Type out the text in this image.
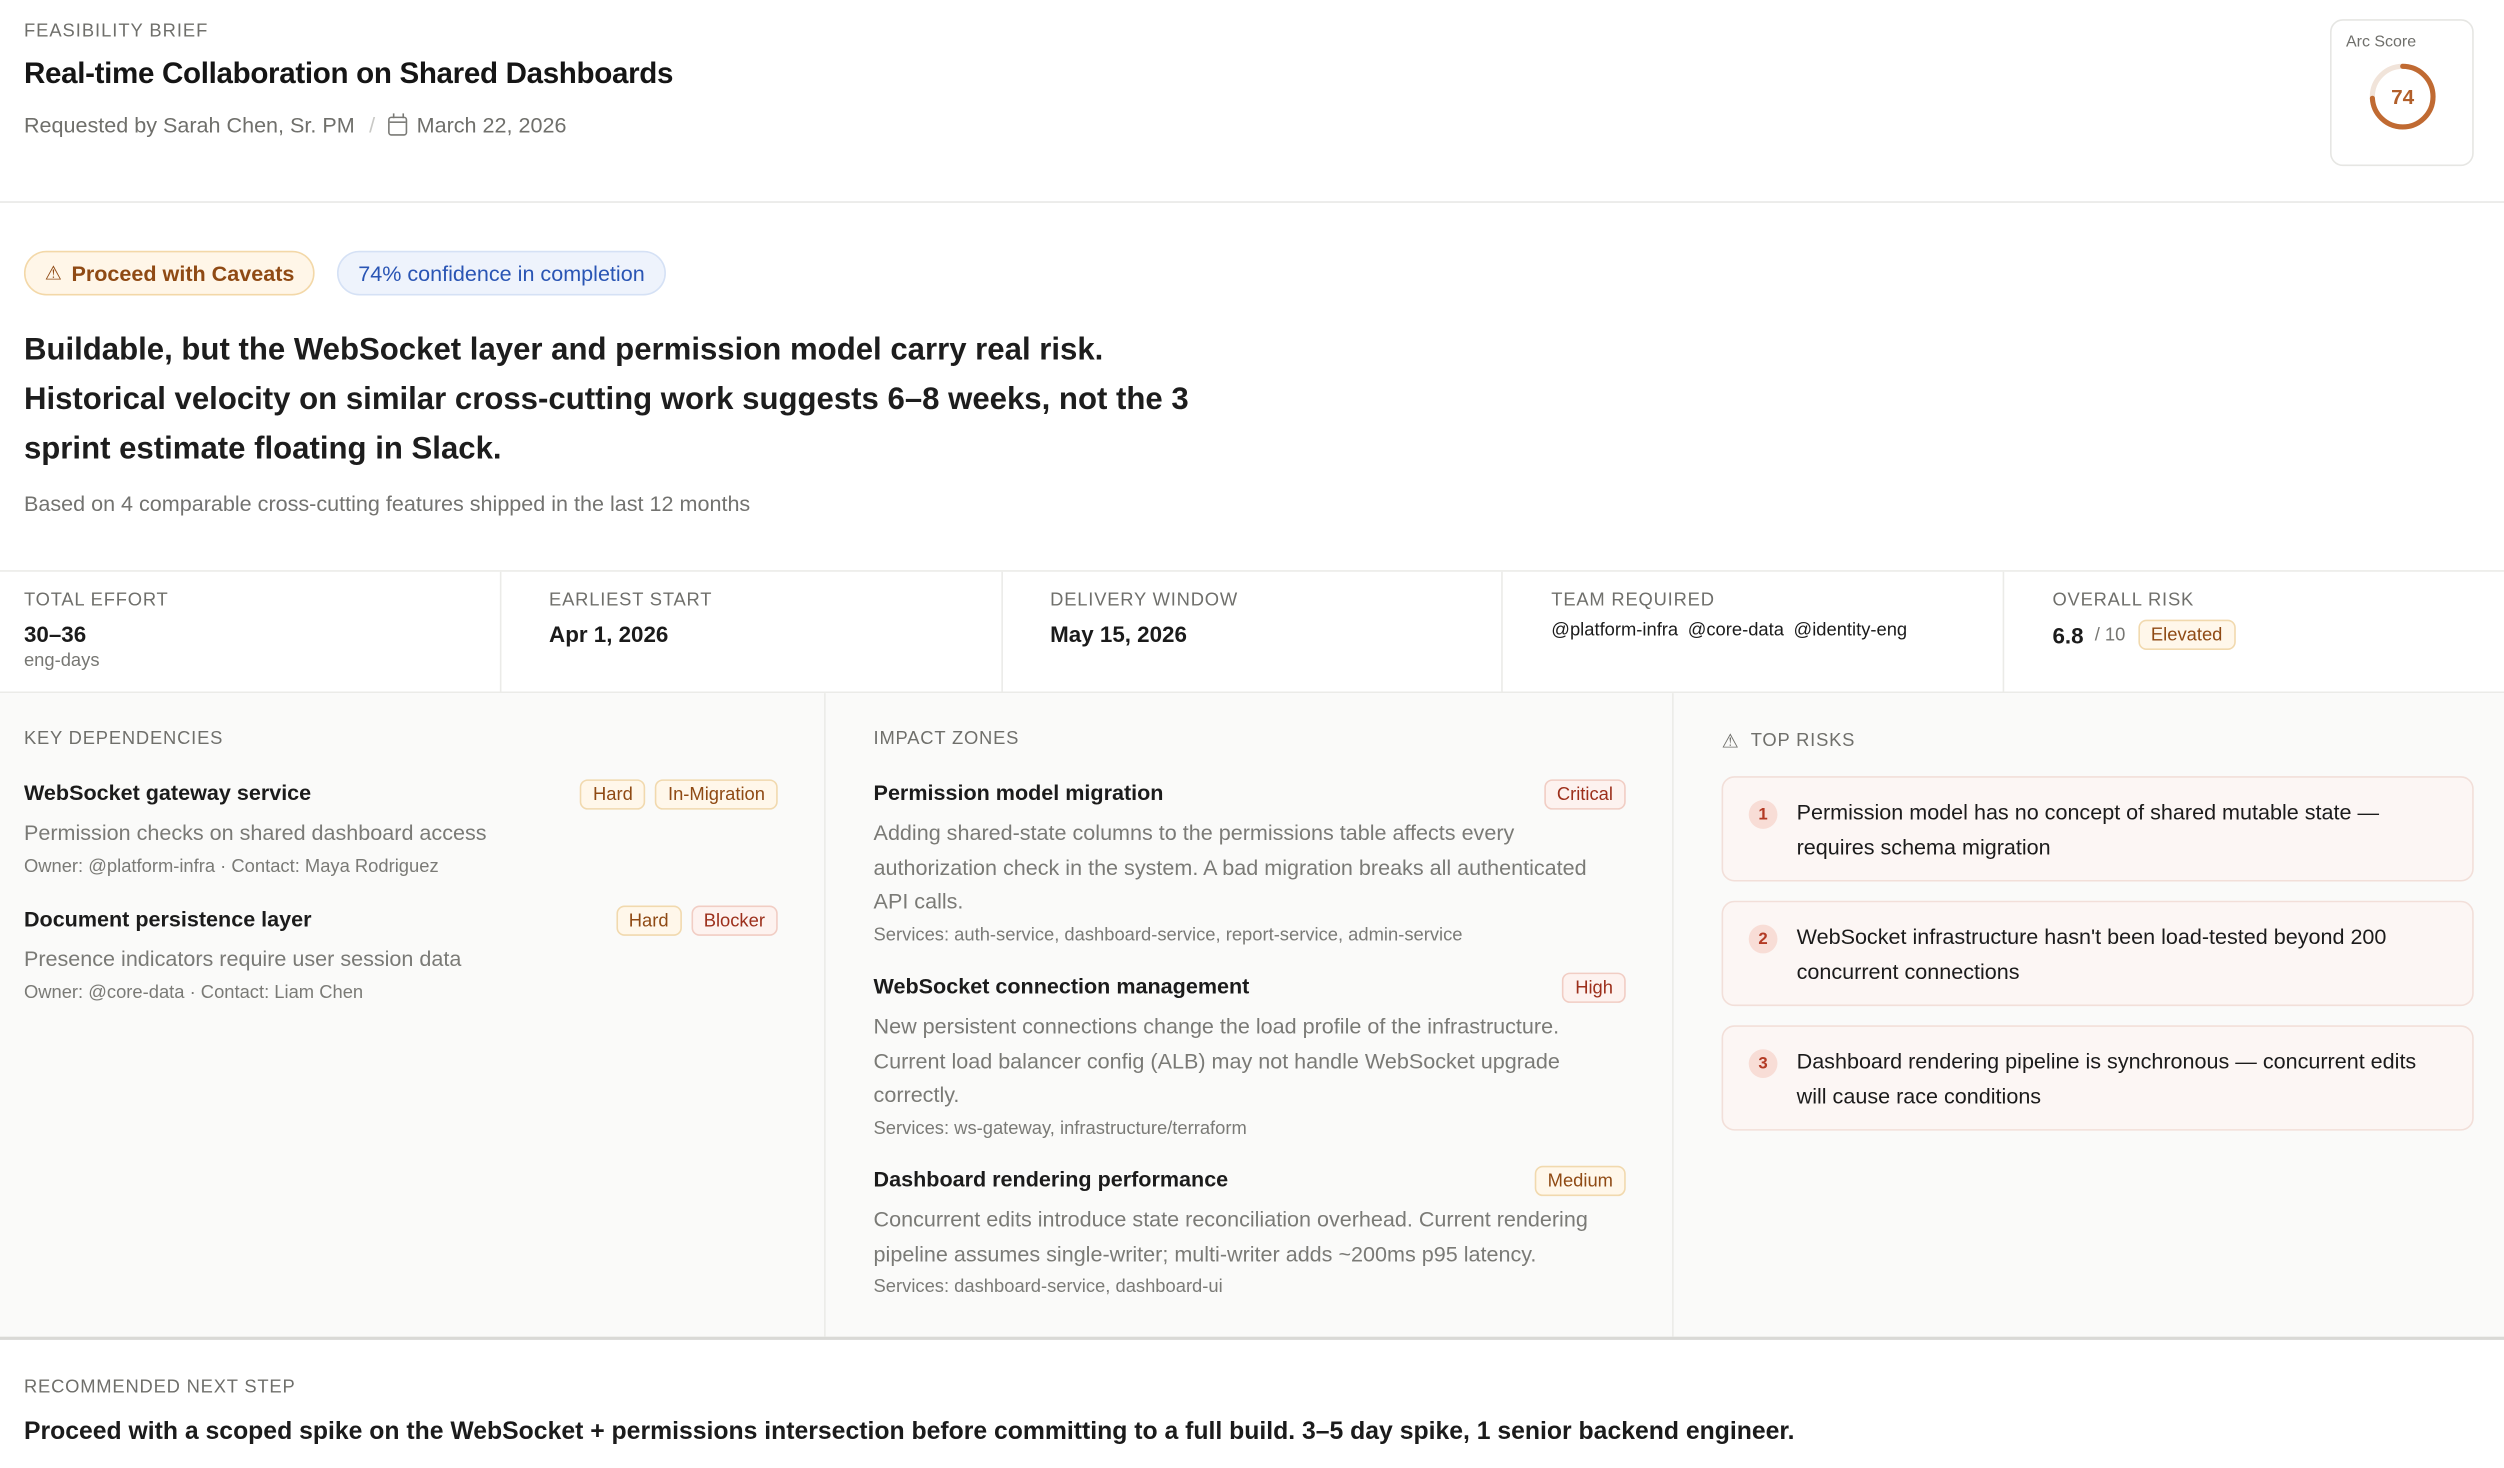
FEASIBILITY BRIEF
Real-time Collaboration on Shared Dashboards
Requested by Sarah Chen, Sr. PM /	March 22, 2026
Arc Score
74
⚠ Proceed with Caveats	74% confidence in completion
Buildable, but the WebSocket layer and permission model carry real risk. Historical velocity on similar cross-cutting work suggests 6–8 weeks, not the 3 sprint estimate floating in Slack.
Based on 4 comparable cross-cutting features shipped in the last 12 months
TOTAL EFFORT
30–36
eng-days
EARLIEST START
Apr 1, 2026
DELIVERY WINDOW
May 15, 2026
TEAM REQUIRED
@platform-infra @core-data @identity-eng
OVERALL RISK
6.8 / 10	Elevated
KEY DEPENDENCIES
WebSocket gateway service	Hard	In-Migration
Permission checks on shared dashboard access
Owner: @platform-infra · Contact: Maya Rodriguez
Document persistence layer	Hard	Blocker
Presence indicators require user session data
Owner: @core-data · Contact: Liam Chen
IMPACT ZONES
Permission model migration	Critical
Adding shared-state columns to the permissions table affects every authorization check in the system. A bad migration breaks all authenticated API calls.
Services: auth-service, dashboard-service, report-service, admin-service
WebSocket connection management	High
New persistent connections change the load profile of the infrastructure. Current load balancer config (ALB) may not handle WebSocket upgrade correctly.
Services: ws-gateway, infrastructure/terraform
Dashboard rendering performance	Medium
Concurrent edits introduce state reconciliation overhead. Current rendering pipeline assumes single-writer; multi-writer adds ~200ms p95 latency.
Services: dashboard-service, dashboard-ui
⚠ TOP RISKS
1	Permission model has no concept of shared mutable state — requires schema migration
2	WebSocket infrastructure hasn't been load-tested beyond 200 concurrent connections
3	Dashboard rendering pipeline is synchronous — concurrent edits will cause race conditions
RECOMMENDED NEXT STEP
Proceed with a scoped spike on the WebSocket + permissions intersection before committing to a full build. 3–5 day spike, 1 senior backend engineer.
